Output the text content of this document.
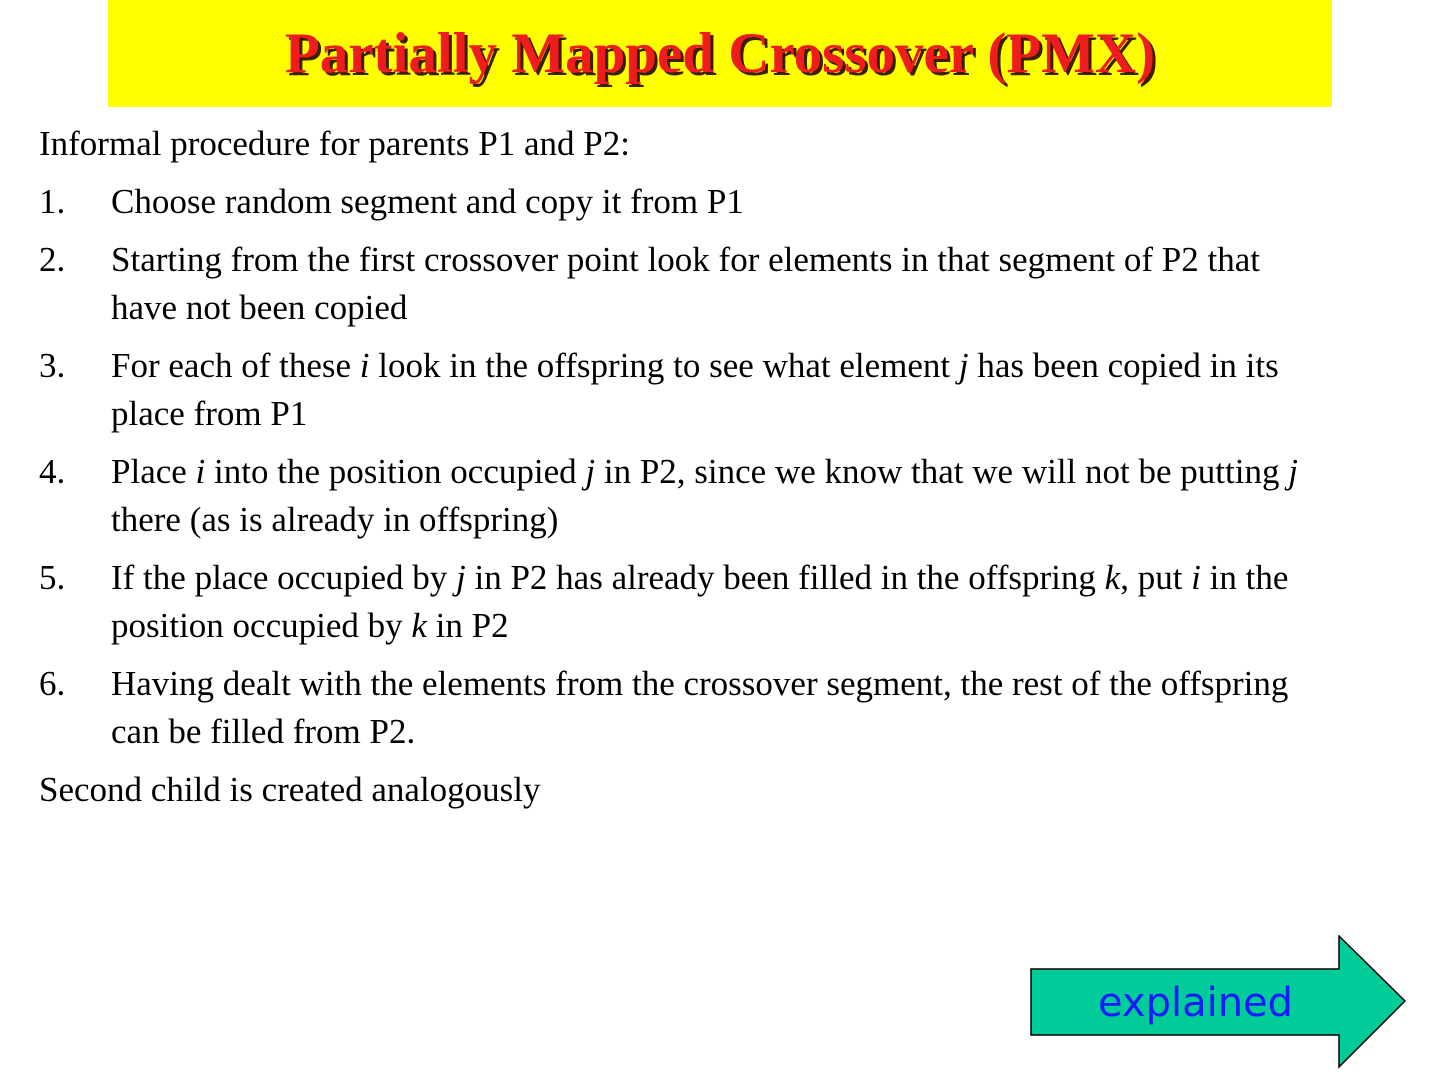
Partially Mapped Crossover (PMX)

Informal procedure for parents P1 and P2:

1.	Choose random segment and copy it from P1
2.	Starting from the first crossover point look for elements in that segment of P2 that have not been copied
3.	For each of these i look in the offspring to see what element j has been copied in its place from P1
4.	Place i into the position occupied j in P2, since we know that we will not be putting j there (as is already in offspring)
5.	If the place occupied by j in P2 has already been filled in the offspring k, put i in the position occupied by k in P2
6.	Having dealt with the elements from the crossover segment, the rest of the offspring can be filled from P2.

Second child is created analogously

explained
